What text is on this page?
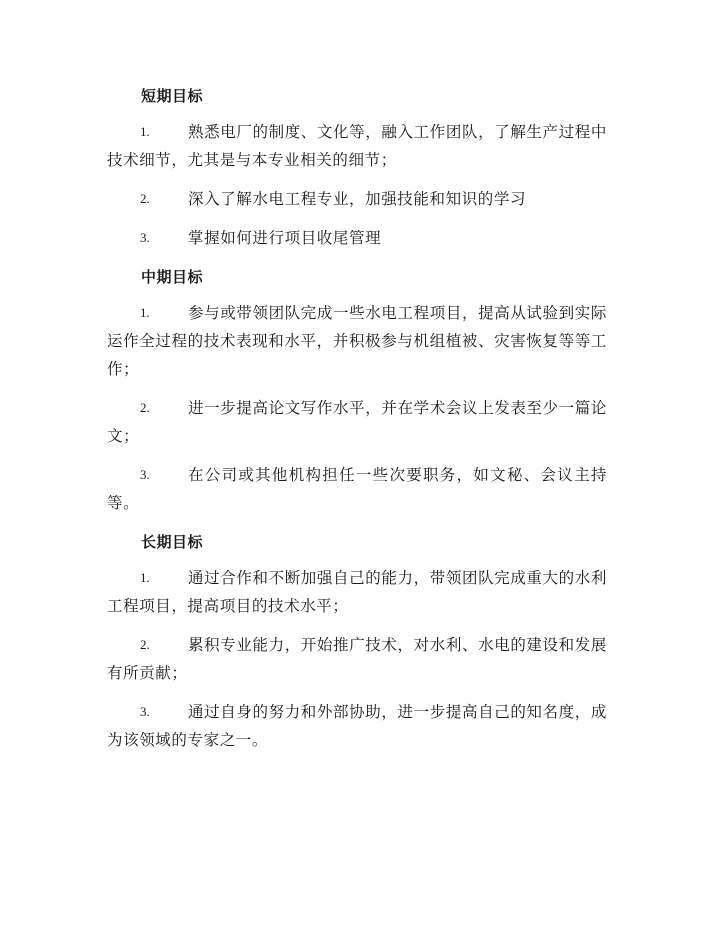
短期目标

1. 熟悉电厂的制度、文化等，融入工作团队，了解生产过程中技术细节，尤其是与本专业相关的细节；

2. 深入了解水电工程专业，加强技能和知识的学习

3. 掌握如何进行项目收尾管理

中期目标

1. 参与或带领团队完成一些水电工程项目，提高从试验到实际运作全过程的技术表现和水平，并积极参与机组植被、灾害恢复等等工作；

2. 进一步提高论文写作水平，并在学术会议上发表至少一篇论文；

3. 在公司或其他机构担任一些次要职务，如文秘、会议主持等。

长期目标

1. 通过合作和不断加强自己的能力，带领团队完成重大的水利工程项目，提高项目的技术水平；

2. 累积专业能力，开始推广技术，对水利、水电的建设和发展有所贡献；

3. 通过自身的努力和外部协助，进一步提高自己的知名度，成为该领域的专家之一。
